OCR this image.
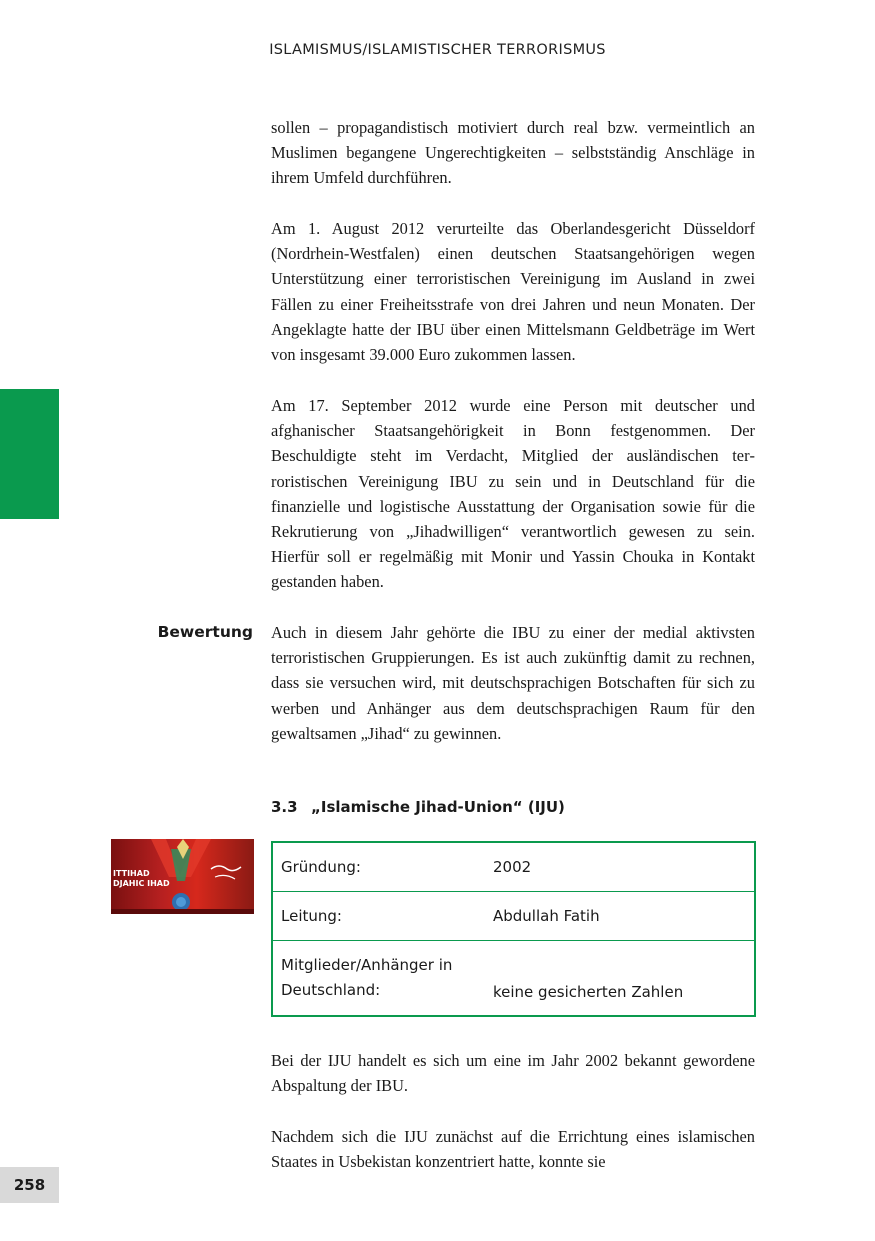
ISLAMISMUS/ISLAMISTISCHER TERRORISMUS

sollen – propagandistisch motiviert durch real bzw. vermeintlich an Muslimen begangene Ungerechtigkeiten – selbstständig Anschläge in ihrem Umfeld durchführen.

Am 1. August 2012 verurteilte das Oberlandesgericht Düsseldorf (Nordrhein-Westfalen) einen deutschen Staatsangehörigen wegen Unterstützung einer terroristischen Vereinigung im Ausland in zwei Fällen zu einer Freiheitsstrafe von drei Jahren und neun Monaten. Der Angeklagte hatte der IBU über einen Mittelsmann Geldbeträge im Wert von insgesamt 39.000 Euro zukommen lassen.

Am 17. September 2012 wurde eine Person mit deutscher und afghanischer Staatsangehörigkeit in Bonn festgenommen. Der Beschuldigte steht im Verdacht, Mitglied der ausländischen terroristischen Vereinigung IBU zu sein und in Deutschland für die finanzielle und logistische Ausstattung der Organisation sowie für die Rekrutierung von „Jihadwilligen“ verantwortlich gewesen zu sein. Hierfür soll er regelmäßig mit Monir und Yassin Chouka in Kontakt gestanden haben.

Bewertung Auch in diesem Jahr gehörte die IBU zu einer der medial aktivsten terroristischen Gruppierungen. Es ist auch zukünftig damit zu rechnen, dass sie versuchen wird, mit deutschsprachigen Botschaften für sich zu werben und Anhänger aus dem deutschsprachigen Raum für den gewaltsamen „Jihad“ zu gewinnen.

3.3 „Islamische Jihad-Union“ (IJU)
ITTIHAD
DJAHIC IHAD
Gründung:	2002
Leitung:	Abdullah Fatih
Mitglieder/Anhänger in Deutschland:	keine gesicherten Zahlen

Bei der IJU handelt es sich um eine im Jahr 2002 bekannt gewordene Abspaltung der IBU.

Nachdem sich die IJU zunächst auf die Errichtung eines islamischen Staates in Usbekistan konzentriert hatte, konnte sie

258
